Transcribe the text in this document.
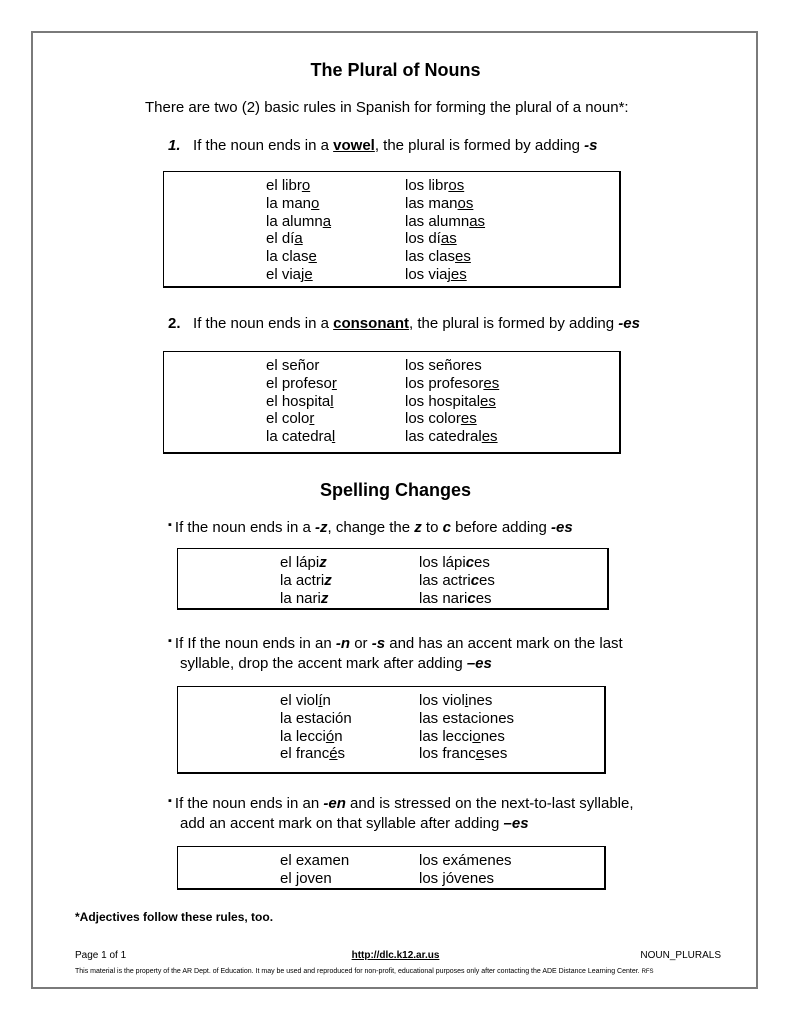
The Plural of Nouns
There are two (2) basic rules in Spanish for forming the plural of a noun*:
1. If the noun ends in a vowel, the plural is formed by adding -s
el libro
la mano
la alumna
el día
la clase
el viaje
los libros
las manos
las alumnas
los días
las clases
los viajes
2. If the noun ends in a consonant, the plural is formed by adding -es
el señor
el profesor
el hospital
el color
la catedral
los señores
los profesores
los hospitales
los colores
las catedrales
Spelling Changes
▪ If the noun ends in a -z, change the z to c before adding -es
el lápiz
la actriz
la nariz
los lápices
las actrices
las narices
▪ If If the noun ends in an -n or -s and has an accent mark on the last
syllable, drop the accent mark after adding –es
el violín
la estación
la lección
el francés
los violines
las estaciones
las lecciones
los franceses
▪ If the noun ends in an -en and is stressed on the next-to-last syllable,
add an accent mark on that syllable after adding –es
el examen
el joven
los exámenes
los jóvenes
*Adjectives follow these rules, too.
Page 1 of 1	http://dlc.k12.ar.us	NOUN_PLURALS
This material is the property of the AR Dept. of Education. It may be used and reproduced for non-profit, educational purposes only after contacting the ADE Distance Learning Center. RFS
